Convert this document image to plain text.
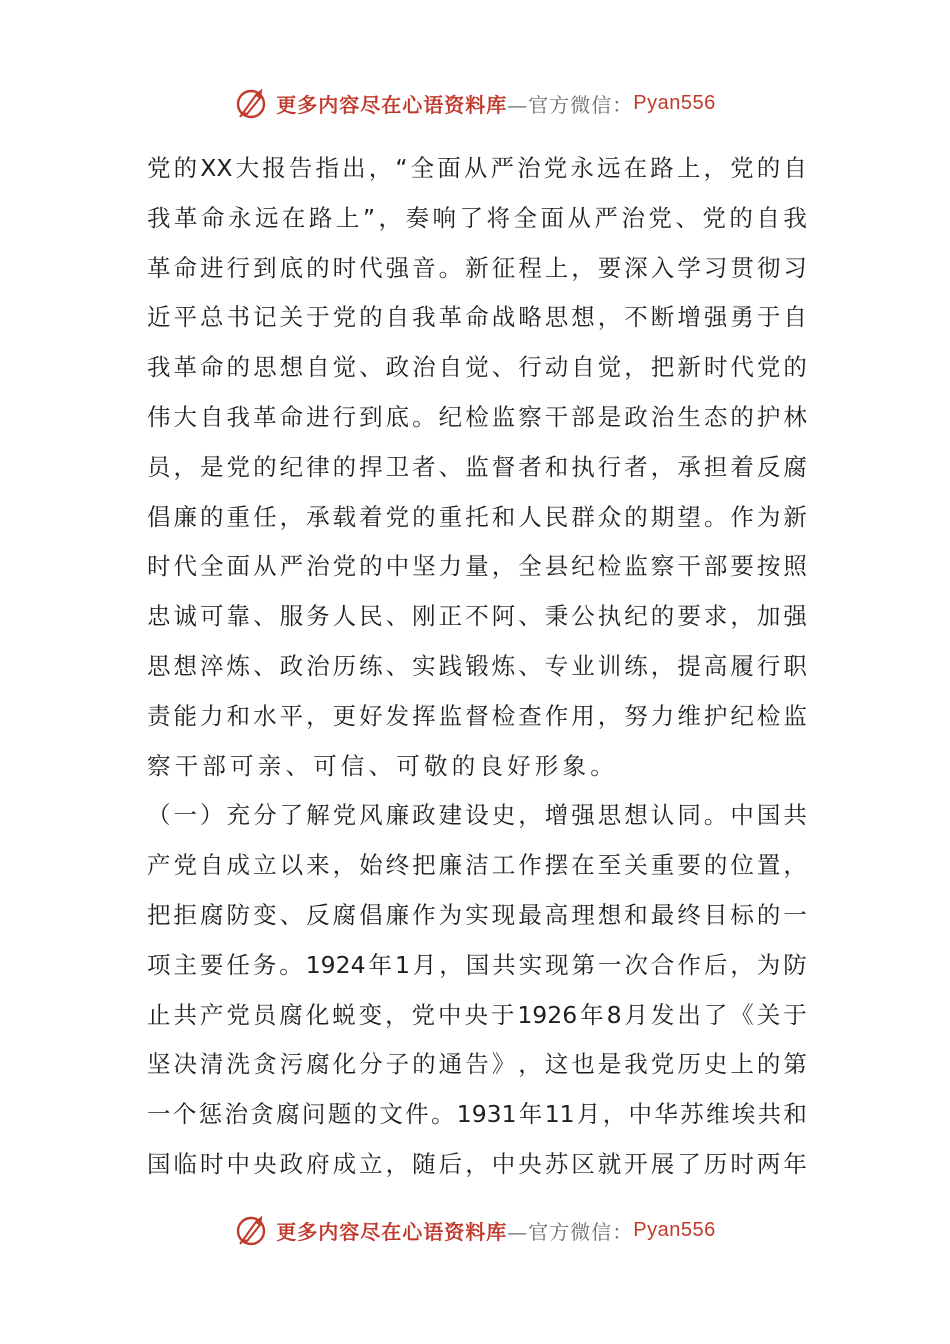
更多内容尽在心语资料库 —官方微信： Pyan556
党 的 XX 大 报 告 指 出 ， “ 全 面 从 严 治 党 永 远 在 路 上 ， 党 的 自
我 革 命 永 远 在 路 上 ” ， 奏 响 了 将 全 面 从 严 治 党 、 党 的 自 我
革 命 进 行 到 底 的 时 代 强 音 。 新 征 程 上 ， 要 深 入 学 习 贯 彻 习
近 平 总 书 记 关 于 党 的 自 我 革 命 战 略 思 想 ， 不 断 增 强 勇 于 自
我 革 命 的 思 想 自 觉 、 政 治 自 觉 、 行 动 自 觉 ， 把 新 时 代 党 的
伟 大 自 我 革 命 进 行 到 底 。 纪 检 监 察 干 部 是 政 治 生 态 的 护 林
员 ， 是 党 的 纪 律 的 捍 卫 者 、 监 督 者 和 执 行 者 ， 承 担 着 反 腐
倡 廉 的 重 任 ， 承 载 着 党 的 重 托 和 人 民 群 众 的 期 望 。 作 为 新
时 代 全 面 从 严 治 党 的 中 坚 力 量 ， 全 县 纪 检 监 察 干 部 要 按 照
忠 诚 可 靠 、 服 务 人 民 、 刚 正 不 阿 、 秉 公 执 纪 的 要 求 ， 加 强
思 想 淬 炼 、 政 治 历 练 、 实 践 锻 炼 、 专 业 训 练 ， 提 高 履 行 职
责 能 力 和 水 平 ， 更 好 发 挥 监 督 检 查 作 用 ， 努 力 维 护 纪 检 监
察干部可亲、可信、可敬的良好形象。
（ 一 ） 充 分 了 解 党 风 廉 政 建 设 史 ， 增 强 思 想 认 同 。 中 国 共
产 党 自 成 立 以 来 ， 始 终 把 廉 洁 工 作 摆 在 至 关 重 要 的 位 置 ，
把 拒 腐 防 变 、 反 腐 倡 廉 作 为 实 现 最 高 理 想 和 最 终 目 标 的 一
项 主 要 任 务 。 1924 年 1 月 ， 国 共 实 现 第 一 次 合 作 后 ， 为 防
止 共 产 党 员 腐 化 蜕 变 ， 党 中 央 于 1926 年 8 月 发 出 了 《 关 于
坚 决 清 洗 贪 污 腐 化 分 子 的 通 告 》 ， 这 也 是 我 党 历 史 上 的 第
一 个 惩 治 贪 腐 问 题 的 文 件 。 1931 年 11 月 ， 中 华 苏 维 埃 共 和
国 临 时 中 央 政 府 成 立 ， 随 后 ， 中 央 苏 区 就 开 展 了 历 时 两 年
更多内容尽在心语资料库 —官方微信： Pyan556
